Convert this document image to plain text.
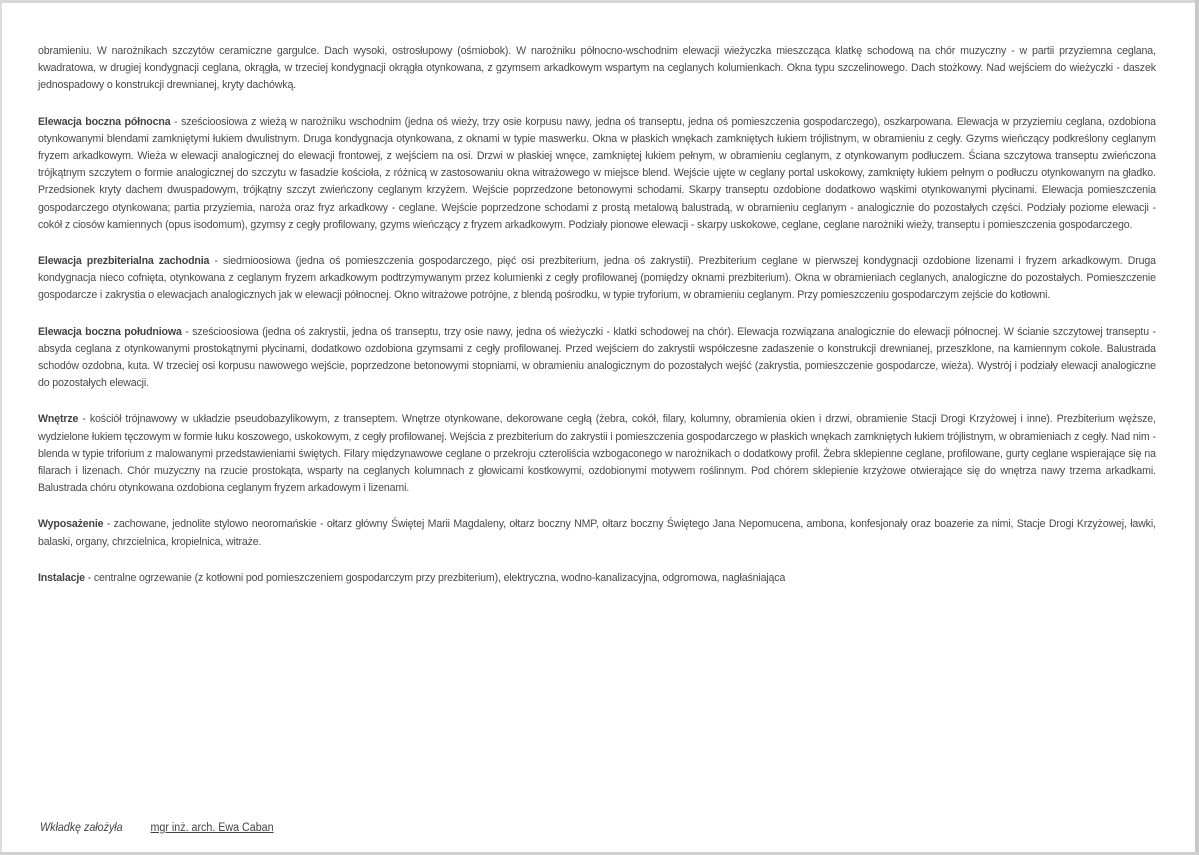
obramieniu. W narożnikach szczytów ceramiczne gargulce. Dach wysoki, ostrosłupowy (ośmiobok). W narożniku północno-wschodnim elewacji wieżyczka mieszcząca klatkę schodową na chór muzyczny - w partii przyziemna ceglana, kwadratowa, w drugiej kondygnacji ceglana, okrągła, w trzeciej kondygnacji okrągła otynkowana, z gzymsem arkadkowym wspartym na ceglanych kolumienkach. Okna typu szczelinowego. Dach stożkowy. Nad wejściem do wieżyczki - daszek jednospadowy o konstrukcji drewnianej, kryty dachówką.

Elewacja boczna północna - sześcioosiowa z wieżą w narożniku wschodnim (jedna oś wieży, trzy osie korpusu nawy, jedna oś transeptu, jedna oś pomieszczenia gospodarczego), oszkarpowana. Elewacja w przyziemiu ceglana, ozdobiona otynkowanymi blendami zamkniętymi łukiem dwulistnym. Druga kondygnacja otynkowana, z oknami w typie maswerku. Okna w płaskich wnękach zamkniętych łukiem trójlistnym, w obramieniu z cegły. Gzyms wieńczący podkreślony ceglanym fryzem arkadkowym. Wieża w elewacji analogicznej do elewacji frontowej, z wejściem na osi. Drzwi w płaskiej wnęce, zamkniętej łukiem pełnym, w obramieniu ceglanym, z otynkowanym podłuczem. Ściana szczytowa transeptu zwieńczona trójkątnym szczytem o formie analogicznej do szczytu w fasadzie kościoła, z różnicą w zastosowaniu okna witrażowego w miejsce blend. Wejście ujęte w ceglany portal uskokowy, zamknięty łukiem pełnym o podłuczu otynkowanym na gładko. Przedsionek kryty dachem dwuspadowym, trójkątny szczyt zwieńczony ceglanym krzyżem. Wejście poprzedzone betonowymi schodami. Skarpy transeptu ozdobione dodatkowo wąskimi otynkowanymi płycinami. Elewacja pomieszczenia gospodarczego otynkowana; partia przyziemia, naroża oraz fryz arkadkowy - ceglane. Wejście poprzedzone schodami z prostą metalową balustradą, w obramieniu ceglanym - analogicznie do pozostałych części. Podziały poziome elewacji - cokół z ciosów kamiennych (opus isodomum), gzymsy z cegły profilowany, gzyms wieńczący z fryzem arkadkowym. Podziały pionowe elewacji - skarpy uskokowe, ceglane, ceglane narożniki wieży, transeptu i pomieszczenia gospodarczego.

Elewacja prezbiterialna zachodnia - siedmioosiowa (jedna oś pomieszczenia gospodarczego, pięć osi prezbiterium, jedna oś zakrystii). Prezbiterium ceglane w pierwszej kondygnacji ozdobione lizenami i fryzem arkadkowym. Druga kondygnacja nieco cofnięta, otynkowana z ceglanym fryzem arkadkowym podtrzymywanym przez kolumienki z cegły profilowanej (pomiędzy oknami prezbiterium). Okna w obramieniach ceglanych, analogiczne do pozostałych. Pomieszczenie gospodarcze i zakrystia o elewacjach analogicznych jak w elewacji północnej. Okno witrażowe potrójne, z blendą pośrodku, w typie tryforium, w obramieniu ceglanym. Przy pomieszczeniu gospodarczym zejście do kotłowni.

Elewacja boczna południowa - sześcioosiowa (jedna oś zakrystii, jedna oś transeptu, trzy osie nawy, jedna oś wieżyczki - klatki schodowej na chór). Elewacja rozwiązana analogicznie do elewacji północnej. W ścianie szczytowej transeptu - absyda ceglana z otynkowanymi prostokątnymi płycinami, dodatkowo ozdobiona gzymsami z cegły profilowanej. Przed wejściem do zakrystii współczesne zadaszenie o konstrukcji drewnianej, przeszklone, na kamiennym cokole. Balustrada schodów ozdobna, kuta. W trzeciej osi korpusu nawowego wejście, poprzedzone betonowymi stopniami, w obramieniu analogicznym do pozostałych wejść (zakrystia, pomieszczenie gospodarcze, wieża). Wystrój i podziały elewacji analogiczne do pozostałych elewacji.

Wnętrze - kościół trójnawowy w układzie pseudobazylikowym, z transeptem. Wnętrze otynkowane, dekorowane cegłą (żebra, cokół, filary, kolumny, obramienia okien i drzwi, obramienie Stacji Drogi Krzyżowej i inne). Prezbiterium węższe, wydzielone łukiem tęczowym w formie łuku koszowego, uskokowym, z cegły profilowanej. Wejścia z prezbiterium do zakrystii i pomieszczenia gospodarczego w płaskich wnękach zamkniętych łukiem trójlistnym, w obramieniach z cegły. Nad nim - blenda w typie triforium z malowanymi przedstawieniami świętych. Filary międzynawowe ceglane o przekroju czteroliścia wzbogaconego w narożnikach o dodatkowy profil. Żebra sklepienne ceglane, profilowane, gurty ceglane wspierające się na filarach i lizenach. Chór muzyczny na rzucie prostokąta, wsparty na ceglanych kolumnach z głowicami kostkowymi, ozdobionymi motywem roślinnym. Pod chórem sklepienie krzyżowe otwierające się do wnętrza nawy trzema arkadkami. Balustrada chóru otynkowana ozdobiona ceglanym fryzem arkadowym i lizenami.

Wyposażenie - zachowane, jednolite stylowo neoromańskie - ołtarz główny Świętej Marii Magdaleny, ołtarz boczny NMP, ołtarz boczny Świętego Jana Nepomucena, ambona, konfesjonały oraz boazerie za nimi, Stacje Drogi Krzyżowej, ławki, balaski, organy, chrzcielnica, kropielnica, witraże.

Instalacje - centralne ogrzewanie (z kotłowni pod pomieszczeniem gospodarczym przy prezbiterium), elektryczna, wodno-kanalizacyjna, odgromowa, nagłaśniająca

Wkładkę założyła mgr inż. arch. Ewa Caban
